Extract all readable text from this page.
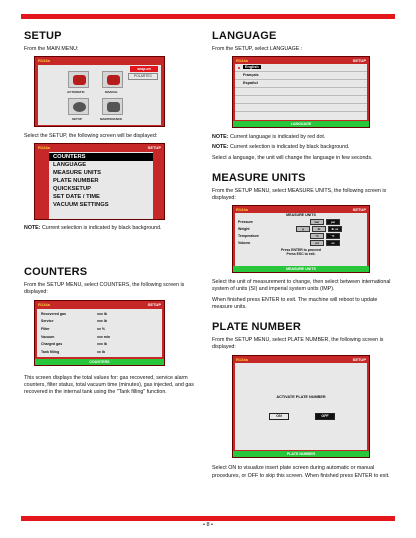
SETUP

From the MAIN MENU:

R134a
snap-on
POLARTEC
AUTOMATIC	MANUAL
SETUP	MAINTENANCE

Select the SETUP, the following screen will be displayed:

R134a	SETUP
COUNTERS
LANGUAGE
MEASURE UNITS
PLATE NUMBER
QUICKSETUP
SET DATE / TIME
VACUUM SETTINGS

NOTE: Current selection is indicated by black background.

COUNTERS

From the SETUP MENU, select COUNTERS, the following screen is displayed:

R134a	SETUP
Recovered gas	xxx lb
Service	xxx lb
Filter	xx %
Vacuum	xxx min
Charged gas	xxx lb
Tank filling	xx lb
COUNTERS

This screen displays the total values for: gas recovered, service alarm counters, filter status, total vacuum time (minutes), gas injected, and gas recovered in the internal tank using the "Tank filling" function.

LANGUAGE

From the SETUP, select LANGUAGE :

R134a	SETUP
English
Français
Español
LANGUAGE

NOTE: Current language is indicated by red dot.

NOTE: Current selection is indicated by black background.

Select a language, the unit will change the language in few seconds.

MEASURE UNITS

From the SETUP MENU, select MEASURE UNITS, the following screen is displayed:

R134a	SETUP
MEASURE UNITS
Pressure	bar	psi
Weight	g	lb	lb oz
Temperature	°C	°F
Volume	ml	oz
Press ENTER to proceed
Press ESC to exit.
MEASURE UNITS

Select the unit of measurement to change, then select between international system of units (SI) and imperial system units (IMP).

When finished press ENTER to exit. The machine will reboot to update measure units.

PLATE NUMBER

From the SETUP MENU, select PLATE NUMBER, the following screen is displayed:

R134a	SETUP
ACTIVATE PLATE NUMBER
ON	OFF
PLATE NUMBER

Select ON to visualize insert plate screen during automatic or manual procedures, or OFF to skip this screen. When finished press ENTER to exit.

• 8 •
